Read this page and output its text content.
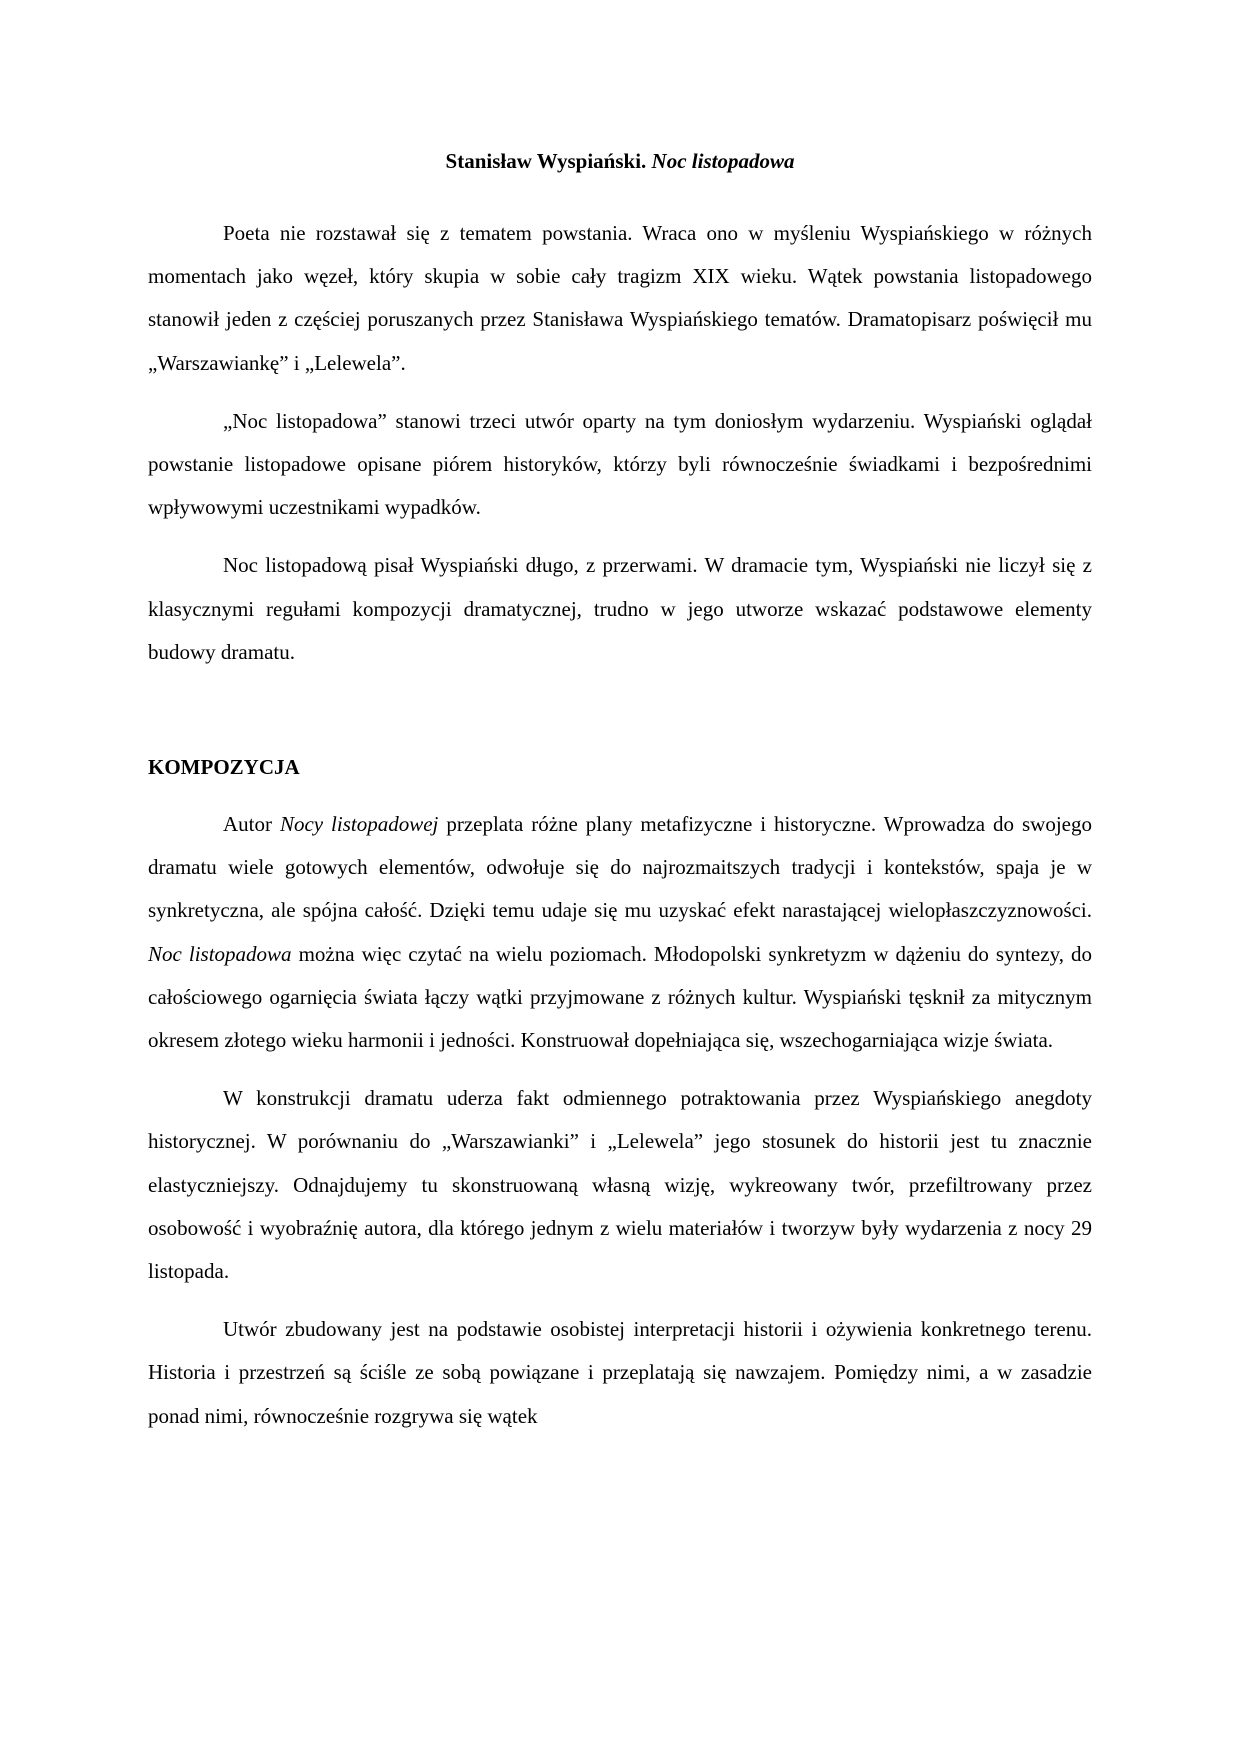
Stanisław Wyspiański. Noc listopadowa

Poeta nie rozstawał się z tematem powstania. Wraca ono w myśleniu Wyspiańskiego w różnych momentach jako węzeł, który skupia w sobie cały tragizm XIX wieku. Wątek powstania listopadowego stanowił jeden z częściej poruszanych przez Stanisława Wyspiańskiego tematów. Dramatopisarz poświęcił mu „Warszawiankę” i „Lelewela”.

„Noc listopadowa” stanowi trzeci utwór oparty na tym doniosłym wydarzeniu. Wyspiański oglądał powstanie listopadowe opisane piórem historyków, którzy byli równocześnie świadkami i bezpośrednimi wpływowymi uczestnikami wypadków.

Noc listopadową pisał Wyspiański długo, z przerwami. W dramacie tym, Wyspiański nie liczył się z klasycznymi regułami kompozycji dramatycznej, trudno w jego utworze wskazać podstawowe elementy budowy dramatu.

KOMPOZYCJA

Autor Nocy listopadowej przeplata różne plany metafizyczne i historyczne. Wprowadza do swojego dramatu wiele gotowych elementów, odwołuje się do najrozmaitszych tradycji i kontekstów, spaja je w synkretyczna, ale spójna całość. Dzięki temu udaje się mu uzyskać efekt narastającej wielopłaszczyznowości. Noc listopadowa można więc czytać na wielu poziomach. Młodopolski synkretyzm w dążeniu do syntezy, do całościowego ogarnięcia świata łączy wątki przyjmowane z różnych kultur. Wyspiański tęsknił za mitycznym okresem złotego wieku harmonii i jedności. Konstruował dopełniająca się, wszechogarniająca wizje świata.

W konstrukcji dramatu uderza fakt odmiennego potraktowania przez Wyspiańskiego anegdoty historycznej. W porównaniu do „Warszawianki” i „Lelewela” jego stosunek do historii jest tu znacznie elastyczniejszy. Odnajdujemy tu skonstruowaną własną wizję, wykreowany twór, przefiltrowany przez osobowość i wyobraźnię autora, dla którego jednym z wielu materiałów i tworzyw były wydarzenia z nocy 29 listopada.

Utwór zbudowany jest na podstawie osobistej interpretacji historii i ożywienia konkretnego terenu. Historia i przestrzeń są ściśle ze sobą powiązane i przeplatają się nawzajem. Pomiędzy nimi, a w zasadzie ponad nimi, równocześnie rozgrywa się wątek
